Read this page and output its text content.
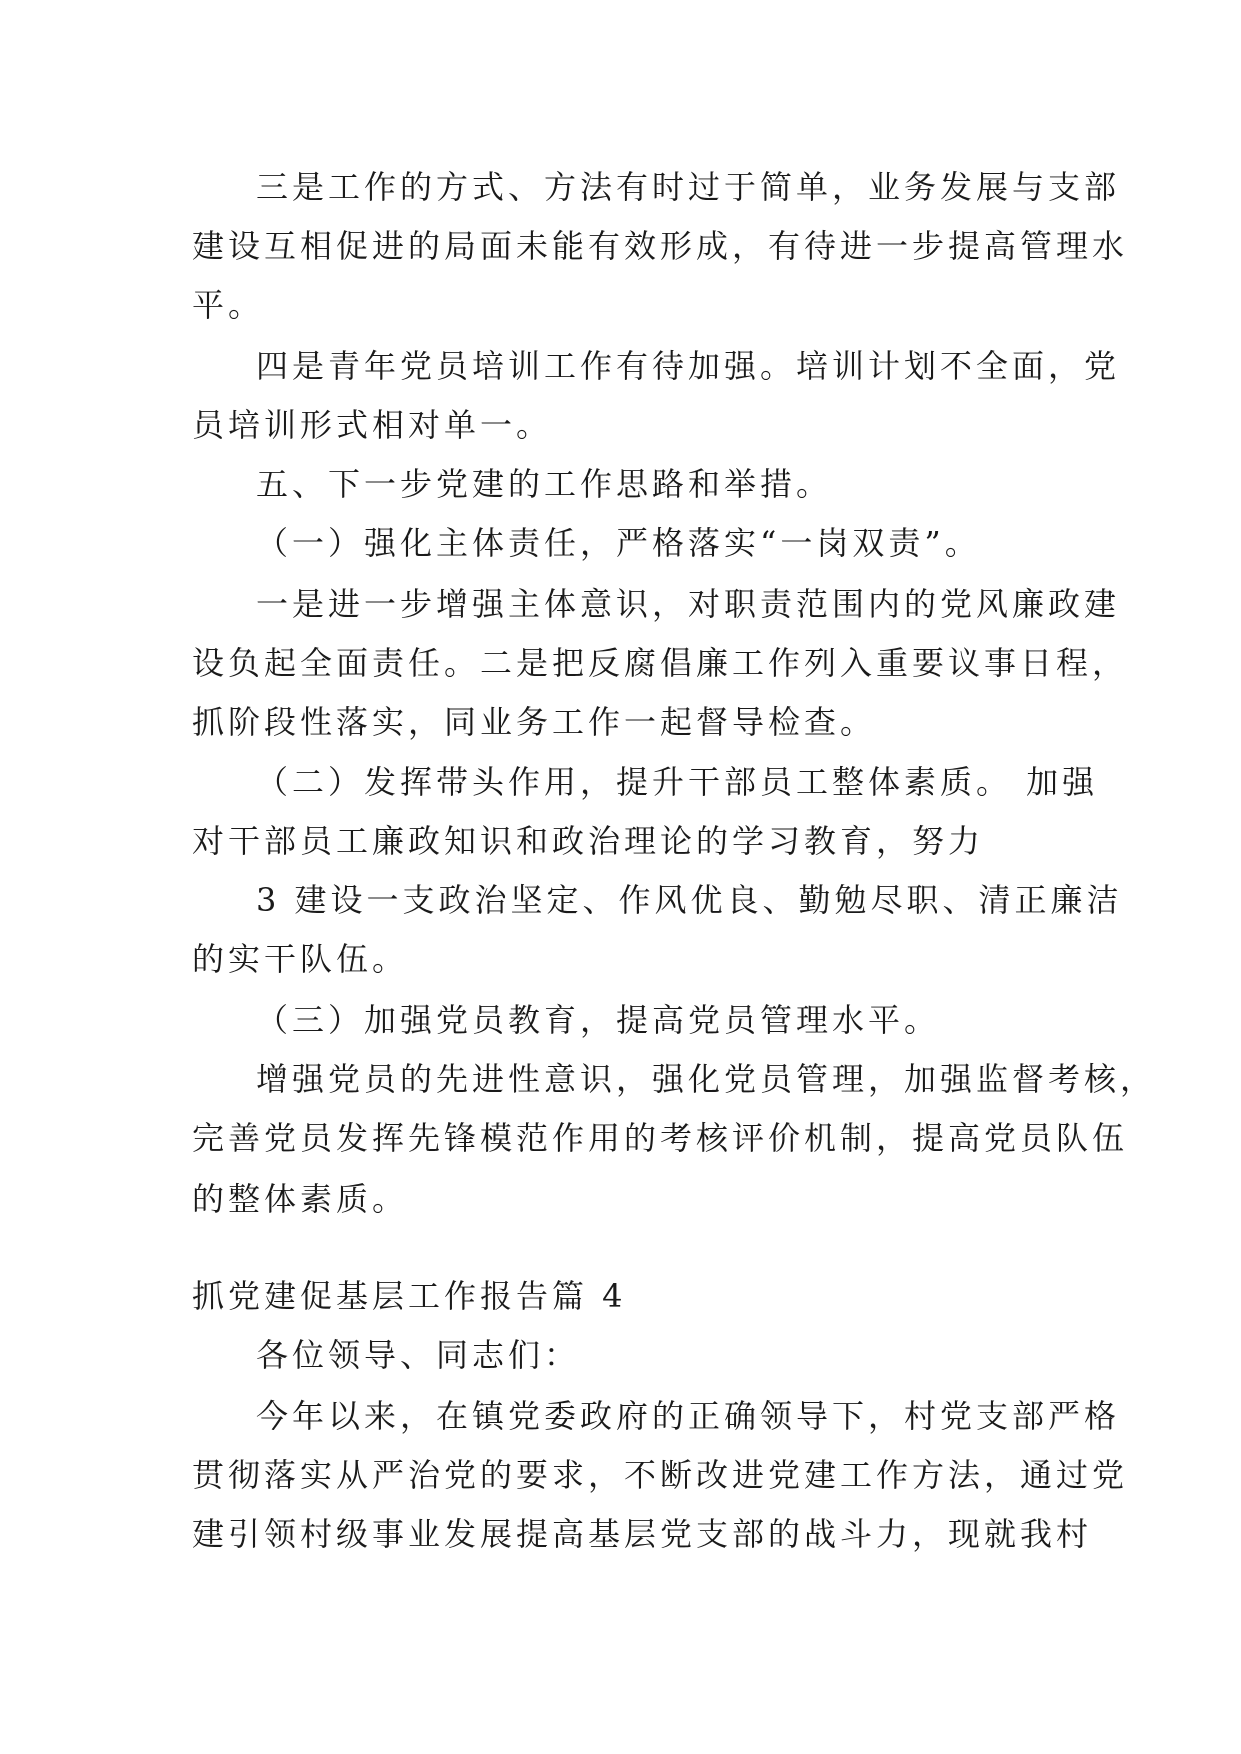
三是工作的方式、方法有时过于简单，业务发展与支部
建设互相促进的局面未能有效形成，有待进一步提高管理水
平。
四是青年党员培训工作有待加强。培训计划不全面，党
员培训形式相对单一。
五、下一步党建的工作思路和举措。
（一）强化主体责任，严格落实“一岗双责”。
一是进一步增强主体意识，对职责范围内的党风廉政建
设负起全面责任。二是把反腐倡廉工作列入重要议事日程，
抓阶段性落实，同业务工作一起督导检查。
（二）发挥带头作用，提升干部员工整体素质。 加强
对干部员工廉政知识和政治理论的学习教育，努力
3 建设一支政治坚定、作风优良、勤勉尽职、清正廉洁
的实干队伍。
（三）加强党员教育，提高党员管理水平。
增强党员的先进性意识，强化党员管理，加强监督考核，
完善党员发挥先锋模范作用的考核评价机制，提高党员队伍
的整体素质。
抓党建促基层工作报告篇 4
各位领导、同志们：
今年以来，在镇党委政府的正确领导下，村党支部严格
贯彻落实从严治党的要求，不断改进党建工作方法，通过党
建引领村级事业发展提高基层党支部的战斗力，现就我村
